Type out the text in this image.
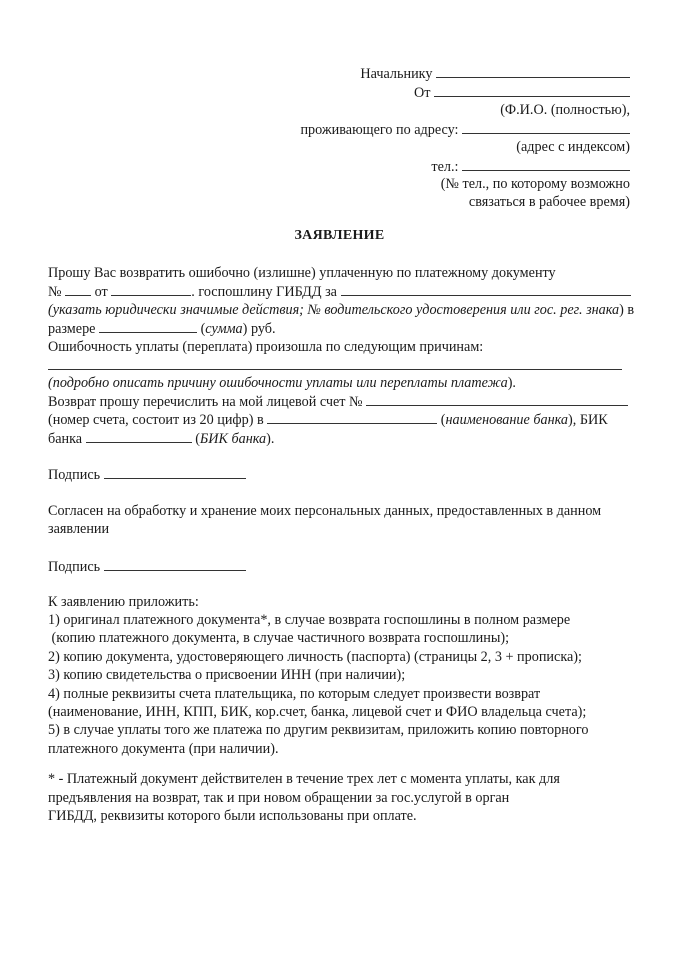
Начальнику
От
(Ф.И.О. (полностью),
проживающего по адресу:
(адрес с индексом)
тел.:
(№ тел., по которому возможно
связаться в рабочее время)
ЗАЯВЛЕНИЕ
Прошу Вас возвратить ошибочно (излишне) уплаченную по платежному документу
№ от	. госпошлину ГИБДД за
(указать юридически значимые действия; № водительского удостоверения или гос. рег. знака) в
размере	(сумма) руб.
Ошибочность уплаты (переплата) произошла по следующим причинам:
(подробно описать причину ошибочности уплаты или переплаты платежа).
Возврат прошу перечислить на мой лицевой счет №
(номер счета, состоит из 20 цифр) в	(наименование банка), БИК
банка	(БИК банка).
Подпись
Согласен на обработку и хранение моих персональных данных, предоставленных в данном
заявлении
Подпись
К заявлению приложить:
1) оригинал платежного документа*, в случае возврата госпошлины в полном размере
(копию платежного документа, в случае частичного возврата госпошлины);
2) копию документа, удостоверяющего личность (паспорта) (страницы 2, 3 + прописка);
3) копию свидетельства о присвоении ИНН (при наличии);
4) полные реквизиты счета плательщика, по которым следует произвести возврат
(наименование, ИНН, КПП, БИК, кор.счет, банка, лицевой счет и ФИО владельца счета);
5) в случае уплаты того же платежа по другим реквизитам, приложить копию повторного
платежного документа (при наличии).
* - Платежный документ действителен в течение трех лет с момента уплаты, как для
предъявления на возврат, так и при новом обращении за гос.услугой в орган
ГИБДД, реквизиты которого были использованы при оплате.
